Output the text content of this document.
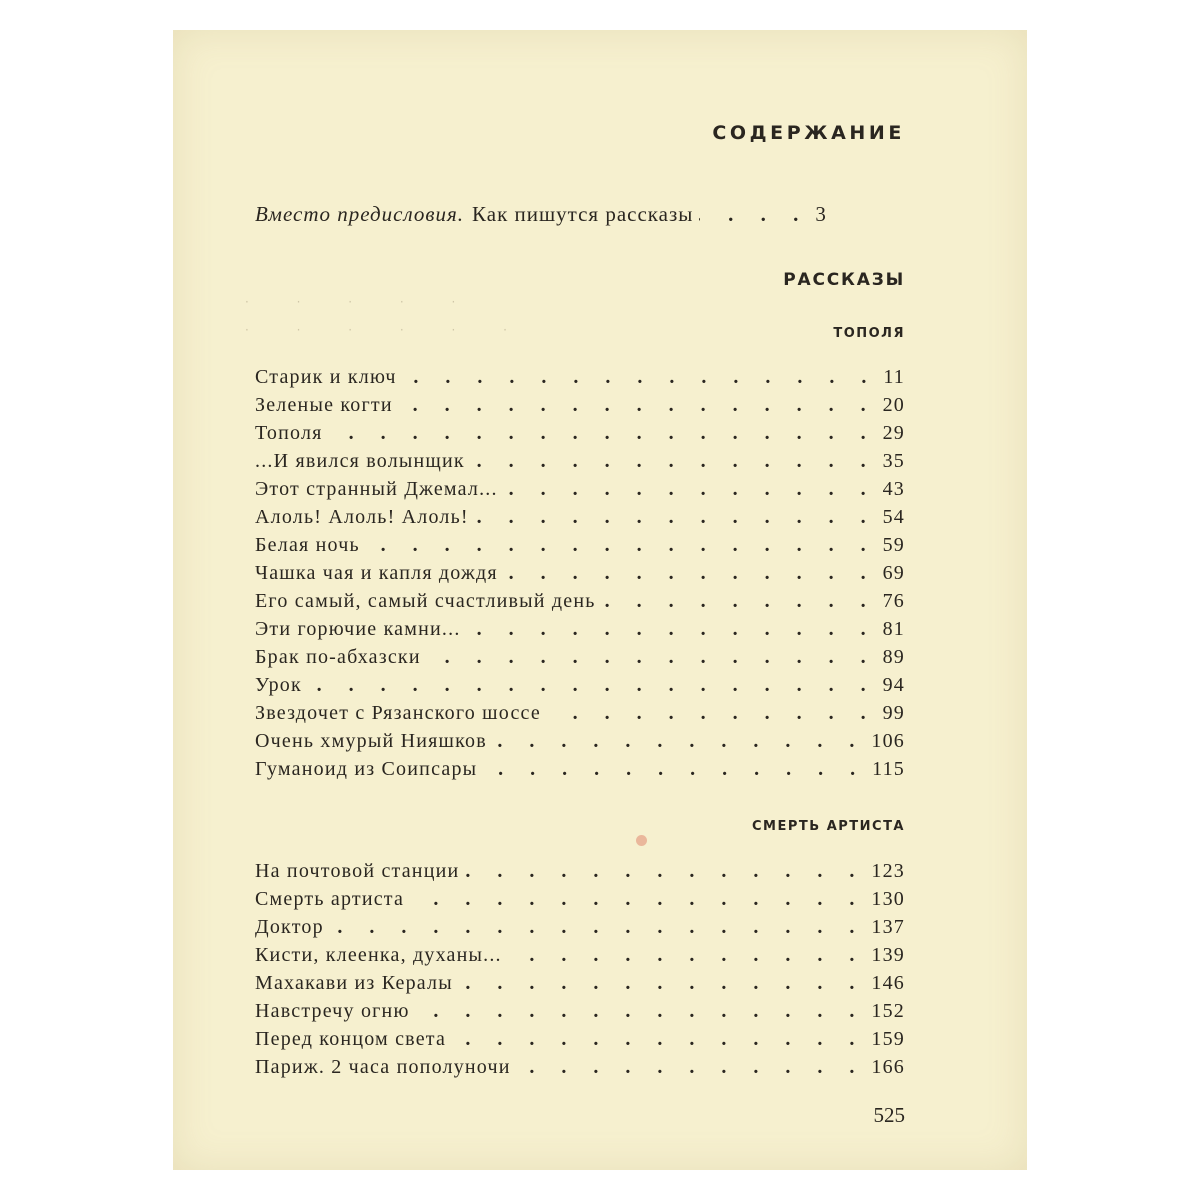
· · · · ·
· · · · · ·
СОДЕРЖАНИЕ
Вместо предисловия. Как пишутся рассказы . . .	3
РАССКАЗЫ
ТОПОЛЯ
Старик и ключ . . .	11
Зеленые когти . . .	20
Тополя . . .	29
...И явился волынщик . . .	35
Этот странный Джемал... . . .	43
Алоль! Алоль! Алоль! . . .	54
Белая ночь . . .	59
Чашка чая и капля дождя . . .	69
Его самый, самый счастливый день . . .	76
Эти горючие камни... . . .	81
Брак по-абхазски . . .	89
Урок . . .	94
Звездочет с Рязанского шоссе . . .	99
Очень хмурый Нияшков . . .	106
Гуманоид из Соипсары . . .	115
СМЕРТЬ АРТИСТА
На почтовой станции . . .	123
Смерть артиста . . .	130
Доктор . . .	137
Кисти, клеенка, духаны... . . .	139
Махакави из Кералы . . .	146
Навстречу огню . . .	152
Перед концом света . . .	159
Париж. 2 часа пополуночи . . .	166

525
